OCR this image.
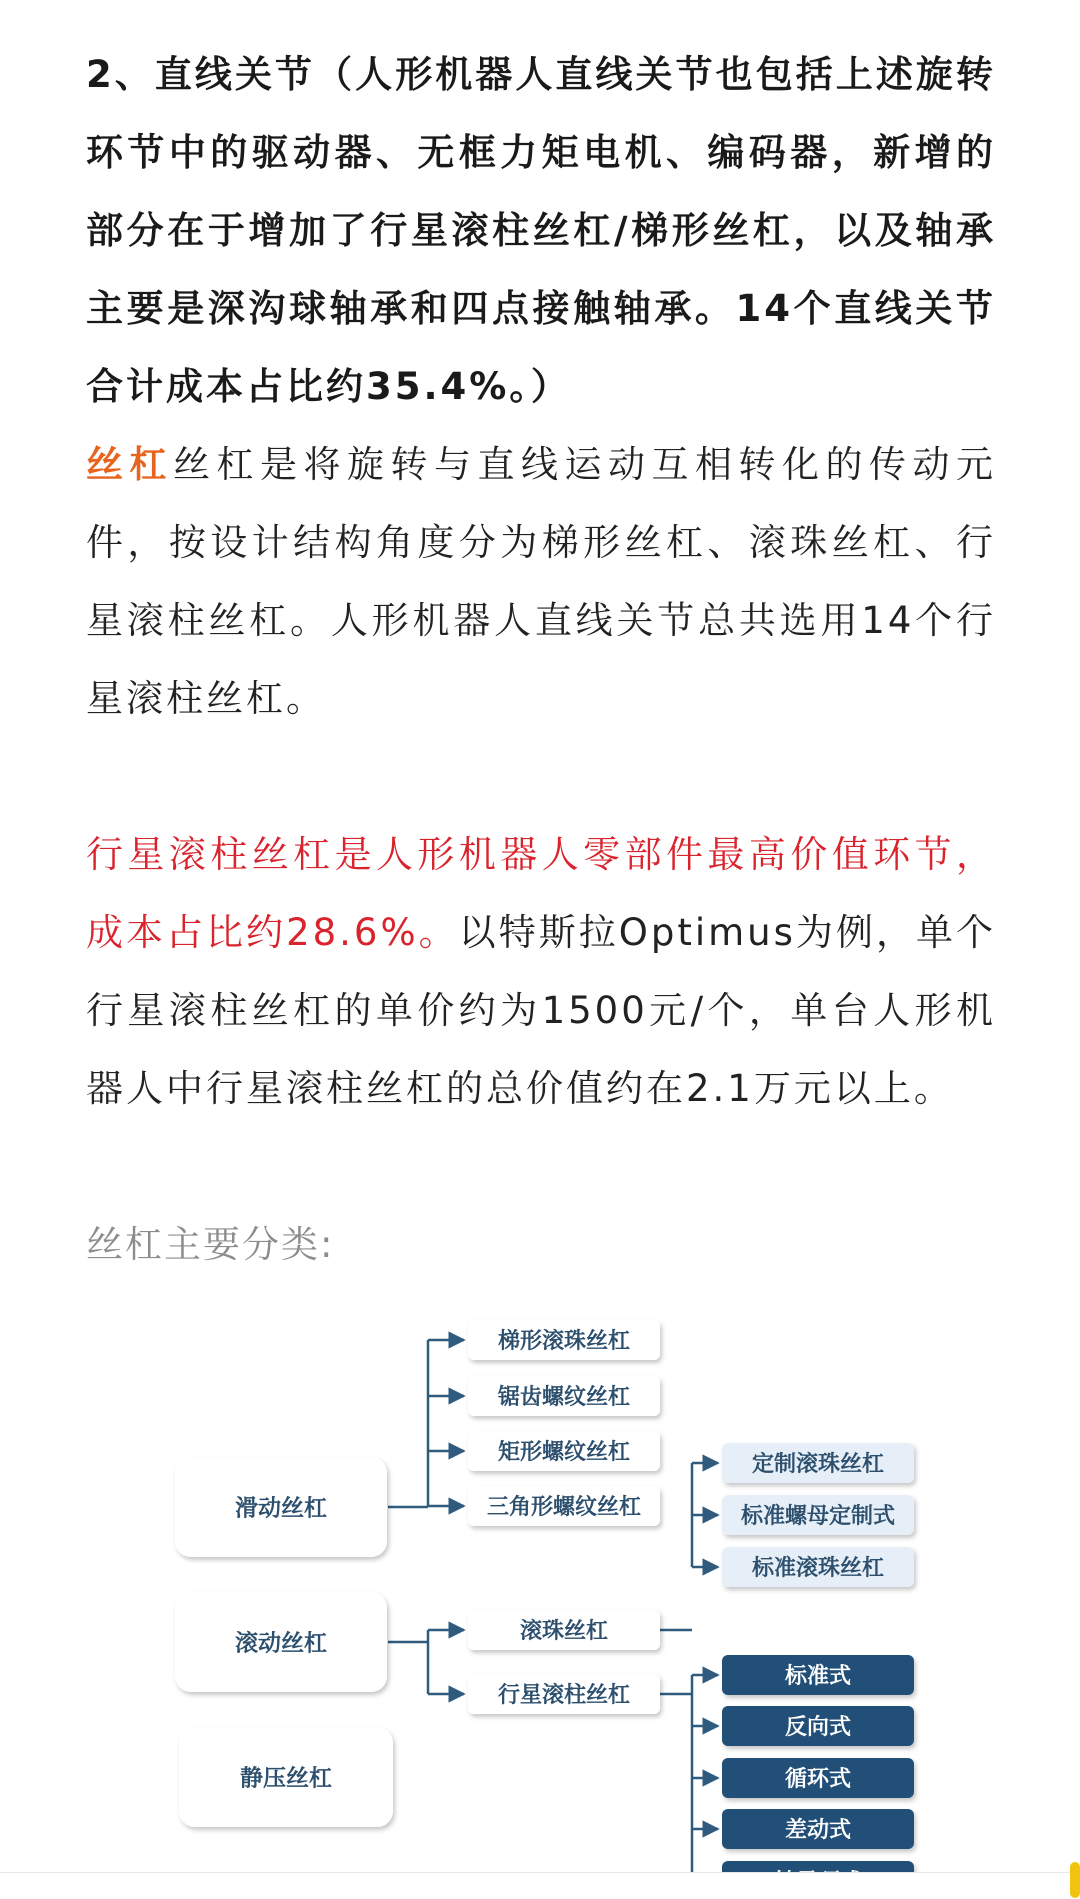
2、直线关节（人形机器人直线关节也包括上述旋转环节中的驱动器、无框力矩电机、编码器，新增的部分在于增加了行星滚柱丝杠/梯形丝杠，以及轴承主要是深沟球轴承和四点接触轴承。14个直线关节合计成本占比约35.4%。）

丝杠丝杠是将旋转与直线运动互相转化的传动元件，按设计结构角度分为梯形丝杠、滚珠丝杠、行星滚柱丝杠。人形机器人直线关节总共选用14个行星滚柱丝杠。

行星滚柱丝杠是人形机器人零部件最高价值环节，成本占比约28.6%。以特斯拉Optimus为例，单个行星滚柱丝杠的单价约为1500元/个，单台人形机器人中行星滚柱丝杠的总价值约在2.1万元以上。

丝杠主要分类:

滑动丝杠
滚动丝杠
静压丝杠
梯形滚珠丝杠
锯齿螺纹丝杠
矩形螺纹丝杠
三角形螺纹丝杠
滚珠丝杠
行星滚柱丝杠
定制滚珠丝杠
标准螺母定制式
标准滚珠丝杠
标准式
反向式
循环式
差动式
